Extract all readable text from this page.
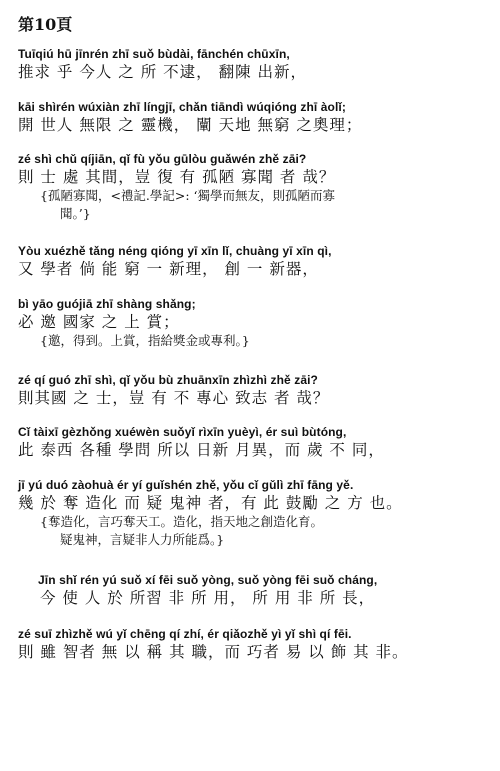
第10頁
Tuīqiú hū jīnrén zhī suǒ bùdài, fānchén chūxīn,
推求 乎 今人 之 所 不逮， 翻陳 出新，
kāi shìrén wúxiàn zhī língjī, chǎn tiāndì wúqióng zhī àolǐ;
開 世人 無限 之 靈機， 闡 天地 無窮 之奧理；
zé shì chǔ qíjiān, qǐ fù yǒu gūlòu guǎwén zhě zāi?
則 士 處 其間，豈 復 有 孤陋 寡聞 者 哉？
{孤陋寡聞，<禮記.學記>: ‘獨學而無友，則孤陋而寡
聞。’}
Yòu xuézhě tǎng néng qióng yī xīn lǐ, chuàng yī xīn qì,
又 學者 倘 能 窮 一 新理， 創 一 新器，
bì yāo guójiā zhī shàng shǎng;
必 邀 國家 之 上 賞；
{邀，得到。上賞，指給獎金或專利。}
zé qí guó zhī shì, qǐ yǒu bù zhuānxīn zhìzhì zhě zāi?
則其國 之 士，豈 有 不 專心 致志 者 哉？
Cǐ tàixī gèzhǒng xuéwèn suǒyǐ rìxīn yuèyì, ér suì bùtóng,
此 泰西 各種 學問 所以 日新 月異，而 歲 不 同，
jī yú duó zàohuà ér yí guǐshén zhě, yǒu cǐ gǔlì zhī fāng yě.
幾 於 奪 造化 而 疑 鬼神 者，有 此 鼓勵 之 方 也。
{奪造化，言巧奪天工。造化，指天地之創造化育。
疑鬼神，言疑非人力所能爲。}
Jīn shǐ rén yú suǒ xí fēi suǒ yòng, suǒ yòng fēi suǒ cháng,
今 使 人 於 所習 非 所 用， 所 用 非 所 長，
zé suī zhìzhě wú yǐ chēng qí zhí, ér qiǎozhě yì yǐ shì qí fēi.
則 雖 智者 無 以 稱 其 職，而 巧者 易 以 飾 其 非。
